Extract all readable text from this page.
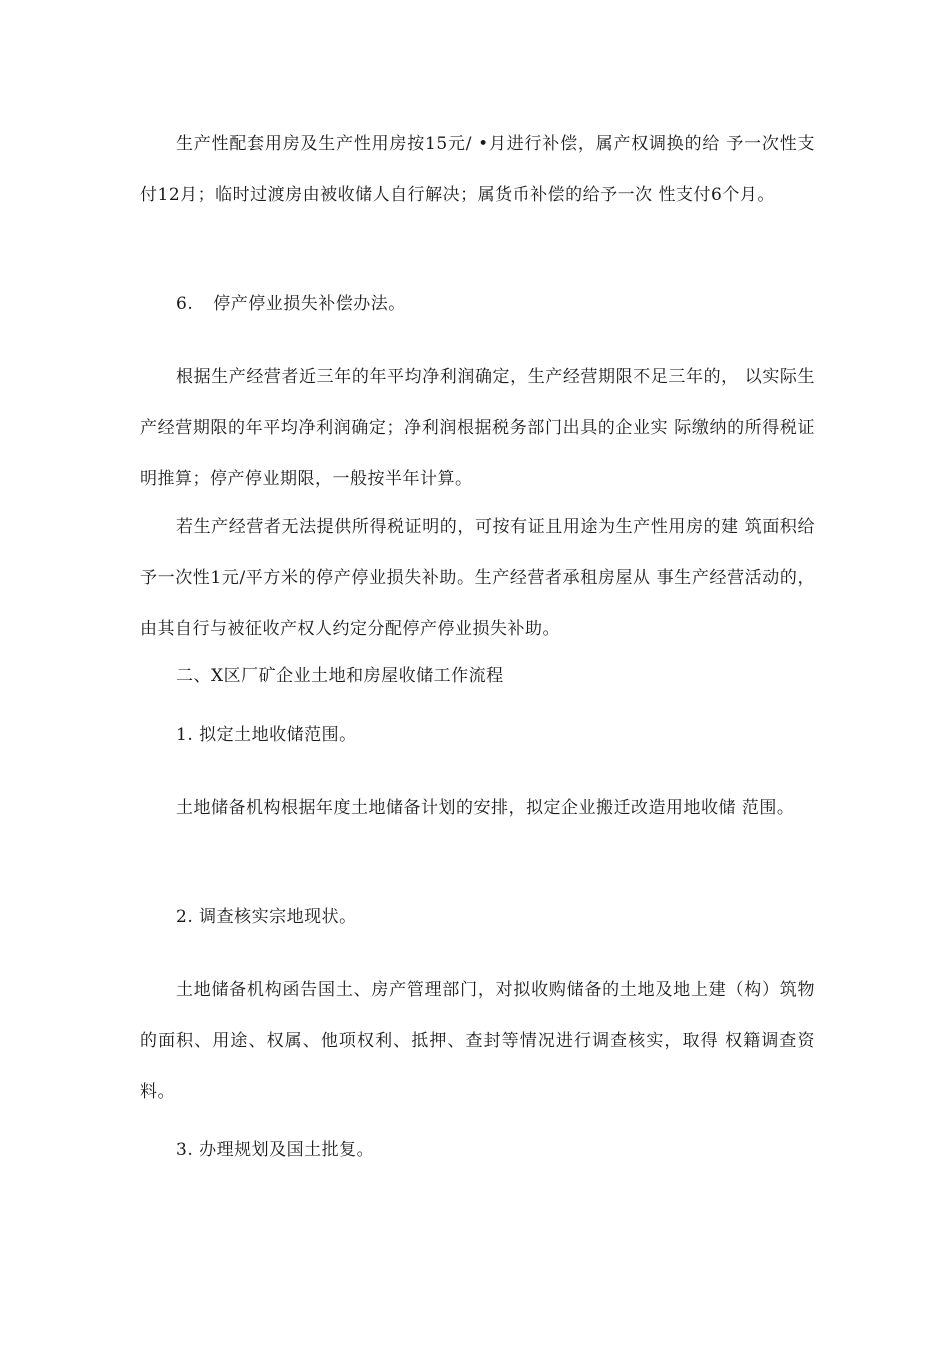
生产性配套用房及生产性用房按15元/ •月进行补偿，属产权调换的给 予一次性支付12月；临时过渡房由被收储人自行解决；属货币补偿的给予一次 性支付6个月。

6. 停产停业损失补偿办法。

根据生产经营者近三年的年平均净利润确定，生产经营期限不足三年的， 以实际生产经营期限的年平均净利润确定；净利润根据税务部门出具的企业实 际缴纳的所得税证明推算；停产停业期限，一般按半年计算。

若生产经营者无法提供所得税证明的，可按有证且用途为生产性用房的建 筑面积给予一次性1元/平方米的停产停业损失补助。生产经营者承租房屋从 事生产经营活动的，由其自行与被征收产权人约定分配停产停业损失补助。

二、X区厂矿企业土地和房屋收储工作流程

1. 拟定土地收储范围。

土地储备机构根据年度土地储备计划的安排，拟定企业搬迁改造用地收储 范围。

2. 调查核实宗地现状。

土地储备机构函告国土、房产管理部门，对拟收购储备的土地及地上建（构）筑物的面积、用途、权属、他项权利、抵押、查封等情况进行调查核实，取得 权籍调查资料。

3. 办理规划及国土批复。
